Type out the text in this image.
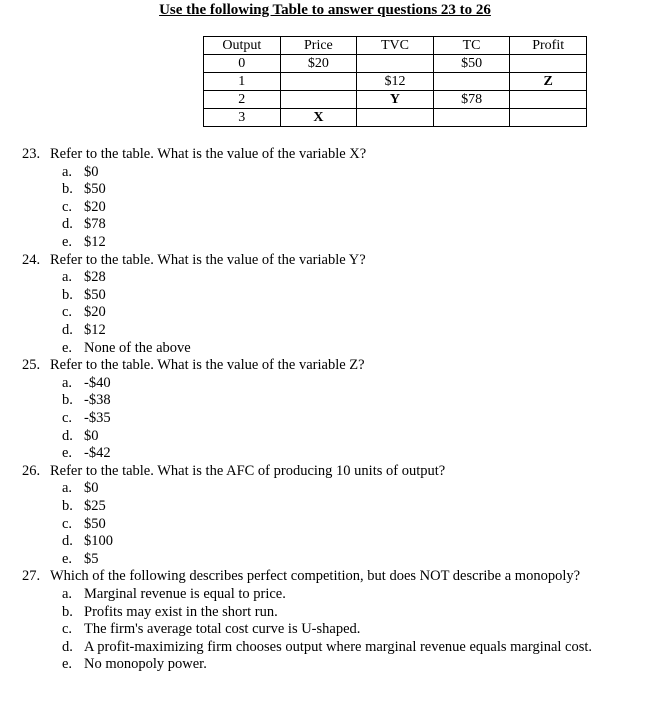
Use the following Table to answer questions 23 to 26
Output	Price	TVC	TC	Profit
0	$20		$50	
1		$12		Z
2		Y	$78	
3	X			
23. Refer to the table. What is the value of the variable X?
a. $0
b. $50
c. $20
d. $78
e. $12
24. Refer to the table. What is the value of the variable Y?
a. $28
b. $50
c. $20
d. $12
e. None of the above
25. Refer to the table. What is the value of the variable Z?
a. -$40
b. -$38
c. -$35
d. $0
e. -$42
26. Refer to the table. What is the AFC of producing 10 units of output?
a. $0
b. $25
c. $50
d. $100
e. $5
27. Which of the following describes perfect competition, but does NOT describe a monopoly?
a. Marginal revenue is equal to price.
b. Profits may exist in the short run.
c. The firm's average total cost curve is U-shaped.
d. A profit-maximizing firm chooses output where marginal revenue equals marginal cost.
e. No monopoly power.
